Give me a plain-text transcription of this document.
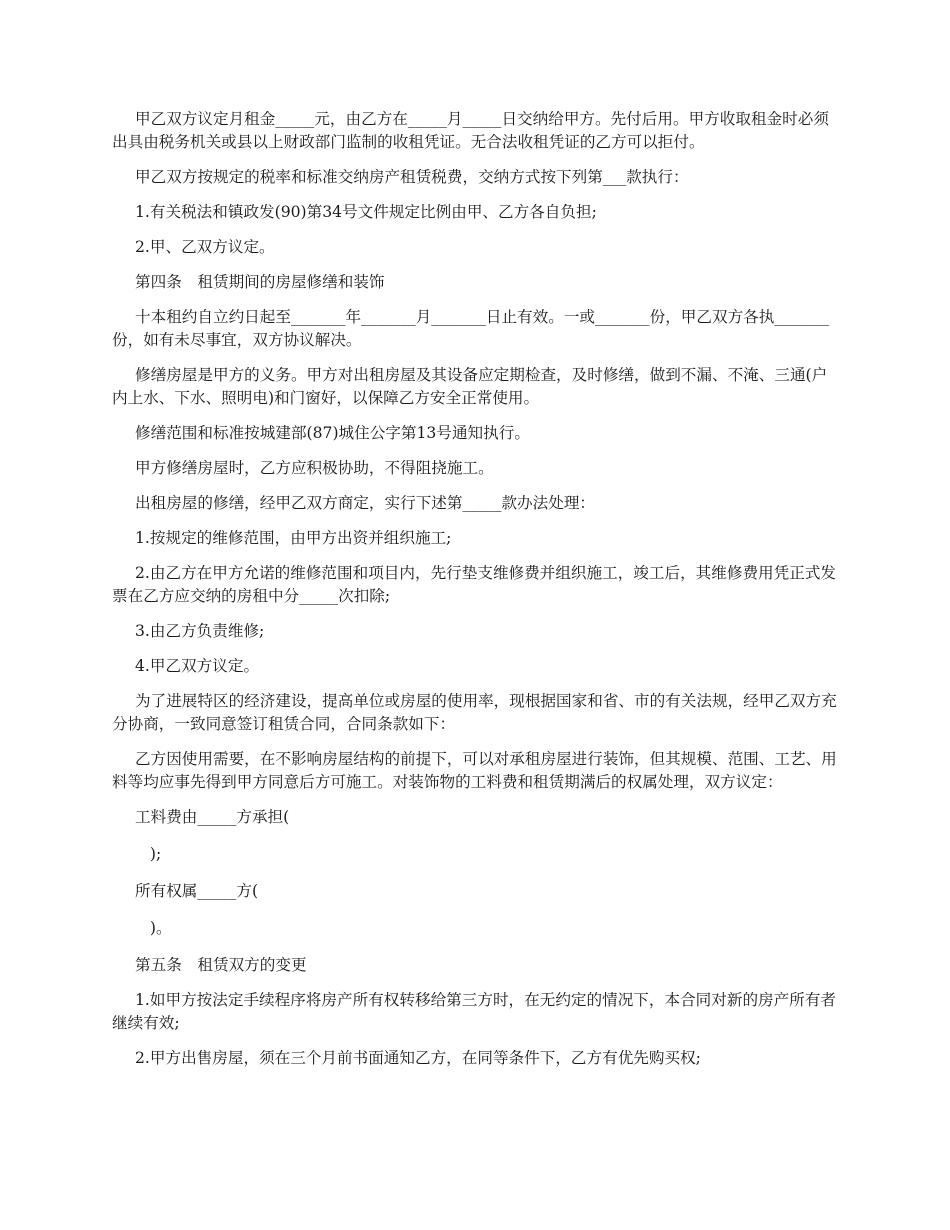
甲乙双方议定月租金_____元，由乙方在_____月_____日交纳给甲方。先付后用。甲方收取租金时必须出具由税务机关或县以上财政部门监制的收租凭证。无合法收租凭证的乙方可以拒付。

甲乙双方按规定的税率和标准交纳房产租赁税费，交纳方式按下列第___款执行：

1.有关税法和镇政发(90)第34号文件规定比例由甲、乙方各自负担;

2.甲、乙双方议定。

第四条　租赁期间的房屋修缮和装饰

十本租约自立约日起至_______年_______月_______日止有效。一或_______份，甲乙双方各执_______份，如有未尽事宜，双方协议解决。

修缮房屋是甲方的义务。甲方对出租房屋及其设备应定期检查，及时修缮，做到不漏、不淹、三通(户内上水、下水、照明电)和门窗好，以保障乙方安全正常使用。

修缮范围和标准按城建部(87)城住公字第13号通知执行。

甲方修缮房屋时，乙方应积极协助，不得阻挠施工。

出租房屋的修缮，经甲乙双方商定，实行下述第_____款办法处理：

1.按规定的维修范围，由甲方出资并组织施工;

2.由乙方在甲方允诺的维修范围和项目内，先行垫支维修费并组织施工，竣工后，其维修费用凭正式发票在乙方应交纳的房租中分_____次扣除;

3.由乙方负责维修;

4.甲乙双方议定。

为了进展特区的经济建设，提高单位或房屋的使用率，现根据国家和省、市的有关法规，经甲乙双方充分协商，一致同意签订租赁合同，合同条款如下：

乙方因使用需要，在不影响房屋结构的前提下，可以对承租房屋进行装饰，但其规模、范围、工艺、用料等均应事先得到甲方同意后方可施工。对装饰物的工料费和租赁期满后的权属处理，双方议定：

工料费由_____方承担(

);

所有权属_____方(

)。

第五条　租赁双方的变更

1.如甲方按法定手续程序将房产所有权转移给第三方时，在无约定的情况下，本合同对新的房产所有者继续有效;

2.甲方出售房屋，须在三个月前书面通知乙方，在同等条件下，乙方有优先购买权;
